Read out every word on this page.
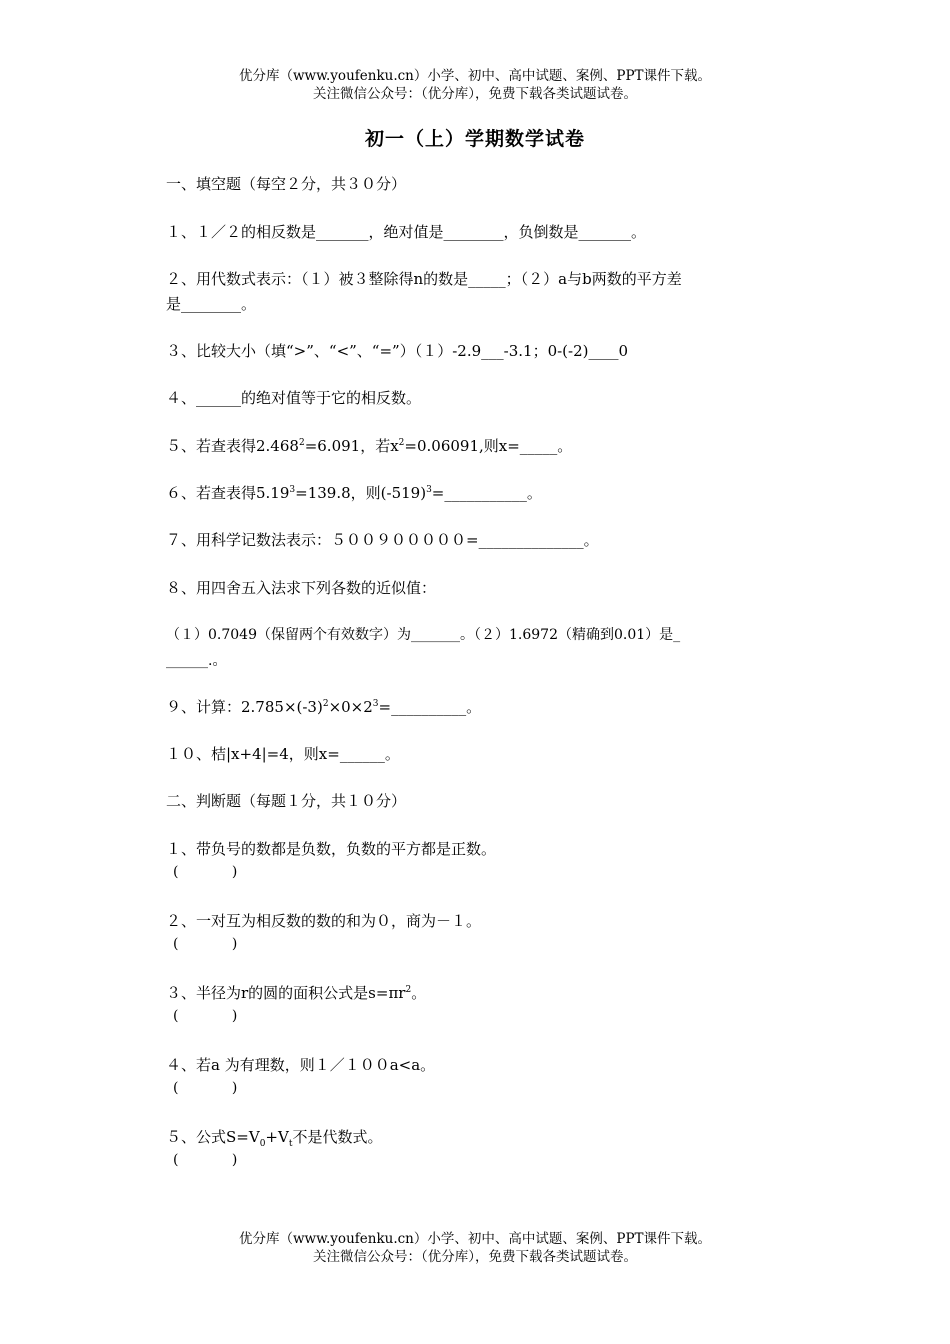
优分库（www.youfenku.cn）小学、初中、高中试题、案例、PPT课件下载。
关注微信公众号：（优分库），免费下载各类试题试卷。
初一（上）学期数学试卷
一、填空题（每空２分，共３０分）
１、１／２的相反数是_______，绝对值是________，负倒数是_______。
２、用代数式表示：（１）被３整除得n的数是_____；（２）a与b两数的平方差
是________。
３、比较大小（填“>”、“<”、“=”）（１）-2.9___-3.1；0-(-2)____0
４、______的绝对值等于它的相反数。
５、若查表得$2.468^2=6.091$，若$x^2=0.06091$,则x=_____。
６、若查表得$5.19^3=139.8$，则$(-519)^3=\_\_\_\_\_\_\_\_\_\_\_$。
７、用科学记数法表示：５００９０００００=______________。
８、用四舍五入法求下列各数的近似值：
（１）0.7049（保留两个有效数字）为_______。（２）1.6972（精确到0.01）是_
______.。
９、计算：$2.785\times(-3)^2\times 0\times 2^3=\_\_\_\_\_\_\_\_\_\_$。
１０、桔|x+4|=4，则x=______。
二、判断题（每题１分，共１０分）
１、带负号的数都是负数，负数的平方都是正数。
(            )
２、一对互为相反数的数的和为０，商为－１。
(            )
３、半径为r的圆的面积公式是$s=\pi r^2$。
(            )
４、若a 为有理数，则１／１００a<a。
(            )
５、公式$S=V_0+V_t$不是代数式。
(            )
优分库（www.youfenku.cn）小学、初中、高中试题、案例、PPT课件下载。
关注微信公众号：（优分库），免费下载各类试题试卷。
